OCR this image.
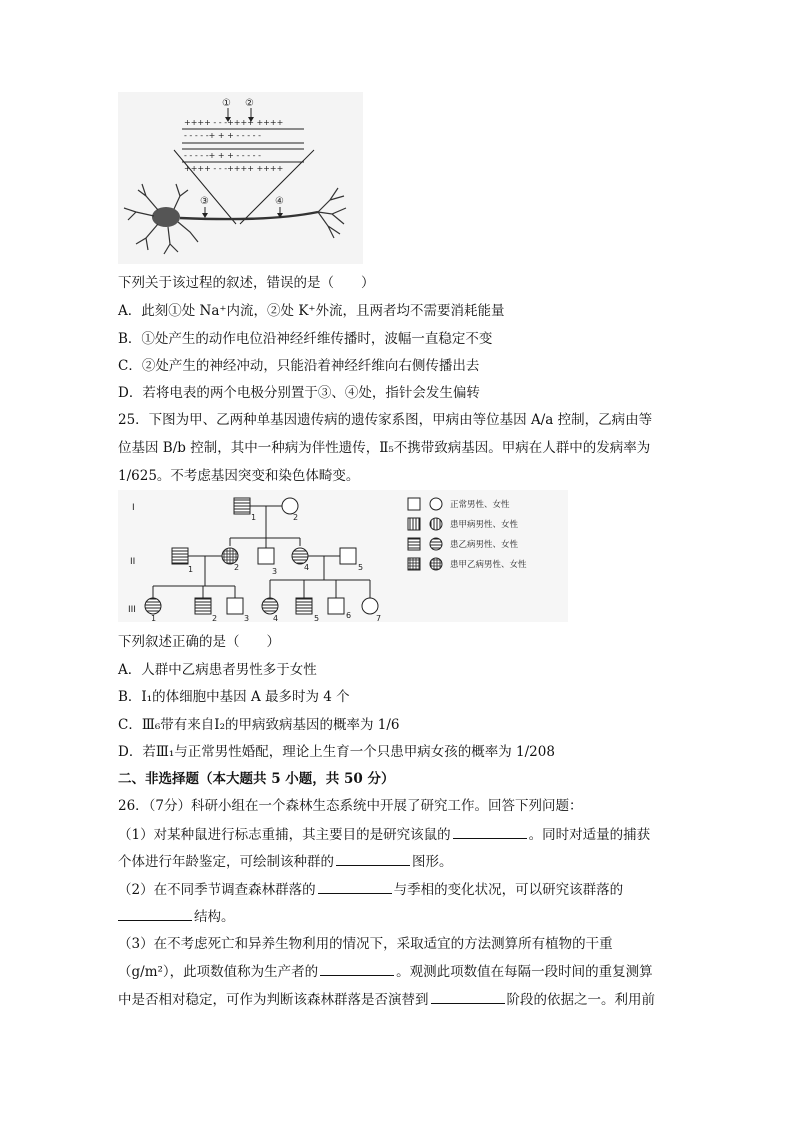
① ②
++++ ‑ ‑ ‑++++ ++++
‑ ‑ ‑ ‑ ‑+ + + ‑ ‑ ‑ ‑ ‑
‑ ‑ ‑ ‑ ‑+ + + ‑ ‑ ‑ ‑ ‑
++++ ‑ ‑ ‑++++ ++++
③	④
下列关于该过程的叙述，错误的是（　　）
A．此刻①处 Na⁺内流，②处 K⁺外流，且两者均不需要消耗能量
B．①处产生的动作电位沿神经纤维传播时，波幅一直稳定不变
C．②处产生的神经冲动，只能沿着神经纤维向右侧传播出去
D．若将电表的两个电极分别置于③、④处，指针会发生偏转
25．下图为甲、乙两种单基因遗传病的遗传家系图，甲病由等位基因 A/a 控制，乙病由等
位基因 B/b 控制，其中一种病为伴性遗传，Ⅱ₅不携带致病基因。甲病在人群中的发病率为
1/625。不考虑基因突变和染色体畸变。
I
II
III
1	2
1	2	3	4	5
1	2	3	4	5	6	7
正常男性、女性
患甲病男性、女性
患乙病男性、女性
患甲乙病男性、女性
下列叙述正确的是（　　）
A．人群中乙病患者男性多于女性
B．Ⅰ₁的体细胞中基因 A 最多时为 4 个
C．Ⅲ₆带有来自Ⅰ₂的甲病致病基因的概率为 1/6
D．若Ⅲ₁与正常男性婚配，理论上生育一个只患甲病女孩的概率为 1/208
二、非选择题（本大题共 5 小题，共 50 分）
26．（7分）科研小组在一个森林生态系统中开展了研究工作。回答下列问题：
（1）对某种鼠进行标志重捕，其主要目的是研究该鼠的	。同时对适量的捕获
个体进行年龄鉴定，可绘制该种群的	图形。
（2）在不同季节调查森林群落的	与季相的变化状况，可以研究该群落的
结构。
（3）在不考虑死亡和异养生物利用的情况下，采取适宜的方法测算所有植物的干重
（g/m²），此项数值称为生产者的	。观测此项数值在每隔一段时间的重复测算
中是否相对稳定，可作为判断该森林群落是否演替到	阶段的依据之一。利用前
